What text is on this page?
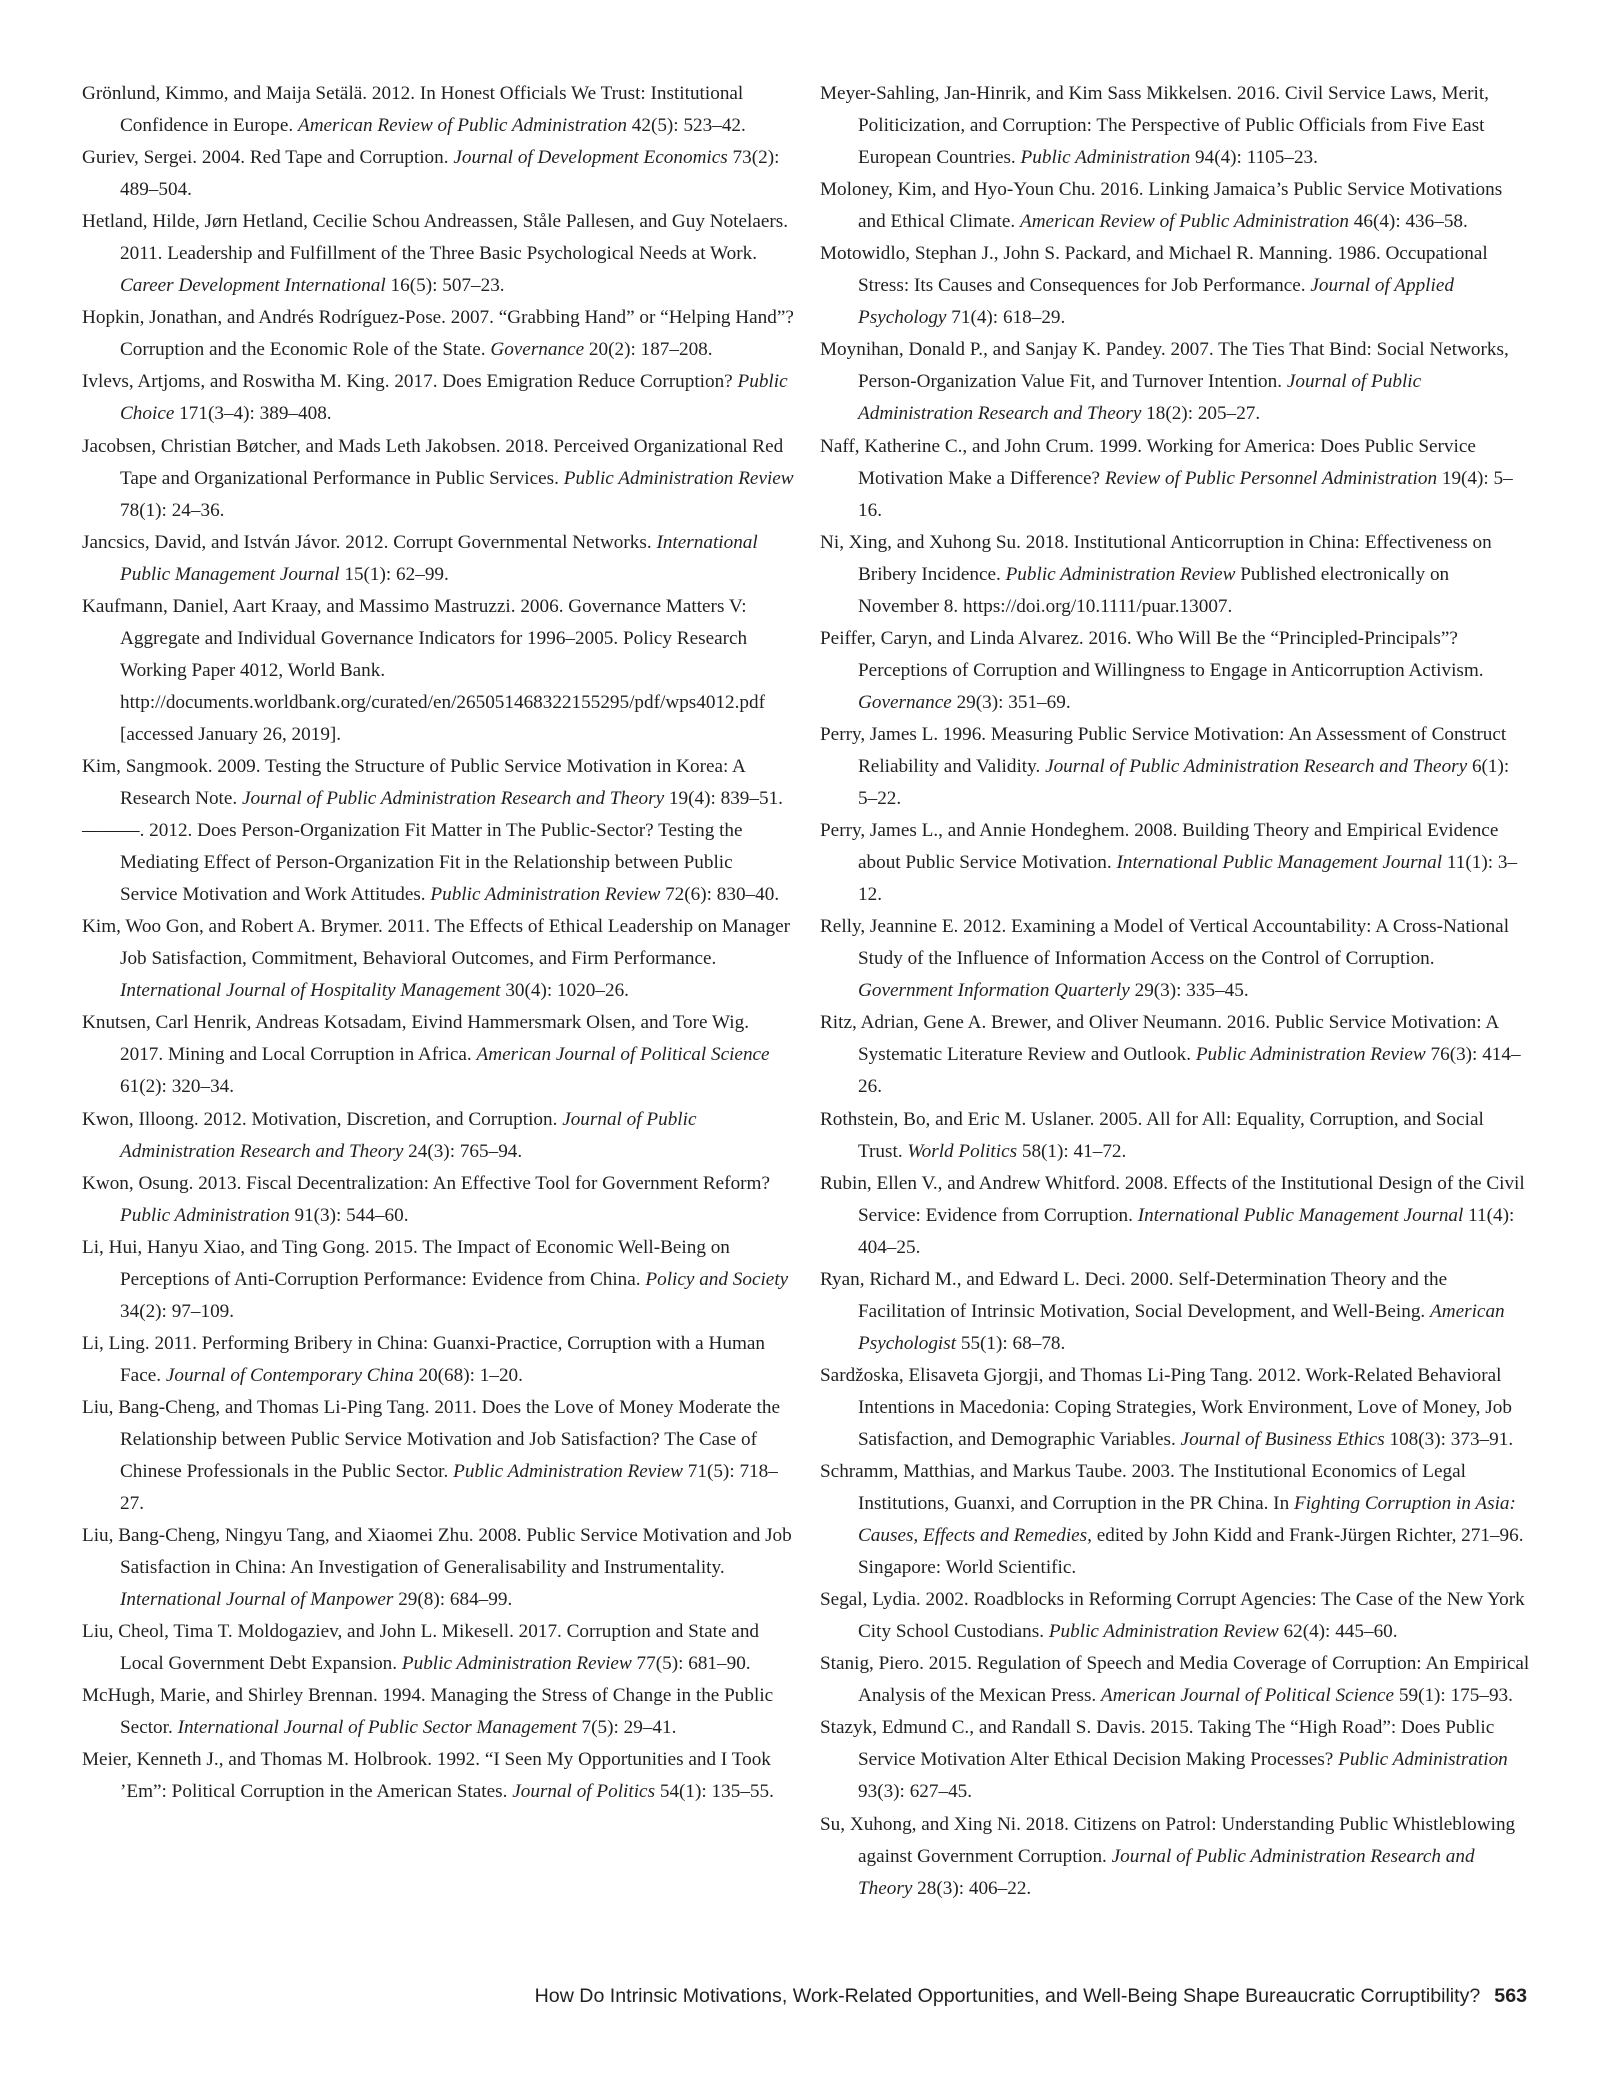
Grönlund, Kimmo, and Maija Setälä. 2012. In Honest Officials We Trust: Institutional Confidence in Europe. American Review of Public Administration 42(5): 523–42.

Guriev, Sergei. 2004. Red Tape and Corruption. Journal of Development Economics 73(2): 489–504.

Hetland, Hilde, Jørn Hetland, Cecilie Schou Andreassen, Ståle Pallesen, and Guy Notelaers. 2011. Leadership and Fulfillment of the Three Basic Psychological Needs at Work. Career Development International 16(5): 507–23.

Hopkin, Jonathan, and Andrés Rodríguez-Pose. 2007. “Grabbing Hand” or “Helping Hand”? Corruption and the Economic Role of the State. Governance 20(2): 187–208.

Ivlevs, Artjoms, and Roswitha M. King. 2017. Does Emigration Reduce Corruption? Public Choice 171(3–4): 389–408.

Jacobsen, Christian Bøtcher, and Mads Leth Jakobsen. 2018. Perceived Organizational Red Tape and Organizational Performance in Public Services. Public Administration Review 78(1): 24–36.

Jancsics, David, and István Jávor. 2012. Corrupt Governmental Networks. International Public Management Journal 15(1): 62–99.

Kaufmann, Daniel, Aart Kraay, and Massimo Mastruzzi. 2006. Governance Matters V: Aggregate and Individual Governance Indicators for 1996–2005. Policy Research Working Paper 4012, World Bank. http://documents.worldbank.org/curated/en/265051468322155295/pdf/wps4012.pdf [accessed January 26, 2019].

Kim, Sangmook. 2009. Testing the Structure of Public Service Motivation in Korea: A Research Note. Journal of Public Administration Research and Theory 19(4): 839–51.

———. 2012. Does Person-Organization Fit Matter in The Public-Sector? Testing the Mediating Effect of Person-Organization Fit in the Relationship between Public Service Motivation and Work Attitudes. Public Administration Review 72(6): 830–40.

Kim, Woo Gon, and Robert A. Brymer. 2011. The Effects of Ethical Leadership on Manager Job Satisfaction, Commitment, Behavioral Outcomes, and Firm Performance. International Journal of Hospitality Management 30(4): 1020–26.

Knutsen, Carl Henrik, Andreas Kotsadam, Eivind Hammersmark Olsen, and Tore Wig. 2017. Mining and Local Corruption in Africa. American Journal of Political Science 61(2): 320–34.

Kwon, Illoong. 2012. Motivation, Discretion, and Corruption. Journal of Public Administration Research and Theory 24(3): 765–94.

Kwon, Osung. 2013. Fiscal Decentralization: An Effective Tool for Government Reform? Public Administration 91(3): 544–60.

Li, Hui, Hanyu Xiao, and Ting Gong. 2015. The Impact of Economic Well-Being on Perceptions of Anti-Corruption Performance: Evidence from China. Policy and Society 34(2): 97–109.

Li, Ling. 2011. Performing Bribery in China: Guanxi-Practice, Corruption with a Human Face. Journal of Contemporary China 20(68): 1–20.

Liu, Bang-Cheng, and Thomas Li-Ping Tang. 2011. Does the Love of Money Moderate the Relationship between Public Service Motivation and Job Satisfaction? The Case of Chinese Professionals in the Public Sector. Public Administration Review 71(5): 718–27.

Liu, Bang-Cheng, Ningyu Tang, and Xiaomei Zhu. 2008. Public Service Motivation and Job Satisfaction in China: An Investigation of Generalisability and Instrumentality. International Journal of Manpower 29(8): 684–99.

Liu, Cheol, Tima T. Moldogaziev, and John L. Mikesell. 2017. Corruption and State and Local Government Debt Expansion. Public Administration Review 77(5): 681–90.

McHugh, Marie, and Shirley Brennan. 1994. Managing the Stress of Change in the Public Sector. International Journal of Public Sector Management 7(5): 29–41.

Meier, Kenneth J., and Thomas M. Holbrook. 1992. “I Seen My Opportunities and I Took ’Em”: Political Corruption in the American States. Journal of Politics 54(1): 135–55.

Meyer-Sahling, Jan-Hinrik, and Kim Sass Mikkelsen. 2016. Civil Service Laws, Merit, Politicization, and Corruption: The Perspective of Public Officials from Five East European Countries. Public Administration 94(4): 1105–23.

Moloney, Kim, and Hyo-Youn Chu. 2016. Linking Jamaica’s Public Service Motivations and Ethical Climate. American Review of Public Administration 46(4): 436–58.

Motowidlo, Stephan J., John S. Packard, and Michael R. Manning. 1986. Occupational Stress: Its Causes and Consequences for Job Performance. Journal of Applied Psychology 71(4): 618–29.

Moynihan, Donald P., and Sanjay K. Pandey. 2007. The Ties That Bind: Social Networks, Person-Organization Value Fit, and Turnover Intention. Journal of Public Administration Research and Theory 18(2): 205–27.

Naff, Katherine C., and John Crum. 1999. Working for America: Does Public Service Motivation Make a Difference? Review of Public Personnel Administration 19(4): 5–16.

Ni, Xing, and Xuhong Su. 2018. Institutional Anticorruption in China: Effectiveness on Bribery Incidence. Public Administration Review Published electronically on November 8. https://doi.org/10.1111/puar.13007.

Peiffer, Caryn, and Linda Alvarez. 2016. Who Will Be the “Principled-Principals”? Perceptions of Corruption and Willingness to Engage in Anticorruption Activism. Governance 29(3): 351–69.

Perry, James L. 1996. Measuring Public Service Motivation: An Assessment of Construct Reliability and Validity. Journal of Public Administration Research and Theory 6(1): 5–22.

Perry, James L., and Annie Hondeghem. 2008. Building Theory and Empirical Evidence about Public Service Motivation. International Public Management Journal 11(1): 3–12.

Relly, Jeannine E. 2012. Examining a Model of Vertical Accountability: A Cross-National Study of the Influence of Information Access on the Control of Corruption. Government Information Quarterly 29(3): 335–45.

Ritz, Adrian, Gene A. Brewer, and Oliver Neumann. 2016. Public Service Motivation: A Systematic Literature Review and Outlook. Public Administration Review 76(3): 414–26.

Rothstein, Bo, and Eric M. Uslaner. 2005. All for All: Equality, Corruption, and Social Trust. World Politics 58(1): 41–72.

Rubin, Ellen V., and Andrew Whitford. 2008. Effects of the Institutional Design of the Civil Service: Evidence from Corruption. International Public Management Journal 11(4): 404–25.

Ryan, Richard M., and Edward L. Deci. 2000. Self-Determination Theory and the Facilitation of Intrinsic Motivation, Social Development, and Well-Being. American Psychologist 55(1): 68–78.

Sardžoska, Elisaveta Gjorgji, and Thomas Li-Ping Tang. 2012. Work-Related Behavioral Intentions in Macedonia: Coping Strategies, Work Environment, Love of Money, Job Satisfaction, and Demographic Variables. Journal of Business Ethics 108(3): 373–91.

Schramm, Matthias, and Markus Taube. 2003. The Institutional Economics of Legal Institutions, Guanxi, and Corruption in the PR China. In Fighting Corruption in Asia: Causes, Effects and Remedies, edited by John Kidd and Frank-Jürgen Richter, 271–96. Singapore: World Scientific.

Segal, Lydia. 2002. Roadblocks in Reforming Corrupt Agencies: The Case of the New York City School Custodians. Public Administration Review 62(4): 445–60.

Stanig, Piero. 2015. Regulation of Speech and Media Coverage of Corruption: An Empirical Analysis of the Mexican Press. American Journal of Political Science 59(1): 175–93.

Stazyk, Edmund C., and Randall S. Davis. 2015. Taking The “High Road”: Does Public Service Motivation Alter Ethical Decision Making Processes? Public Administration 93(3): 627–45.

Su, Xuhong, and Xing Ni. 2018. Citizens on Patrol: Understanding Public Whistleblowing against Government Corruption. Journal of Public Administration Research and Theory 28(3): 406–22.

How Do Intrinsic Motivations, Work-Related Opportunities, and Well-Being Shape Bureaucratic Corruptibility? 563
